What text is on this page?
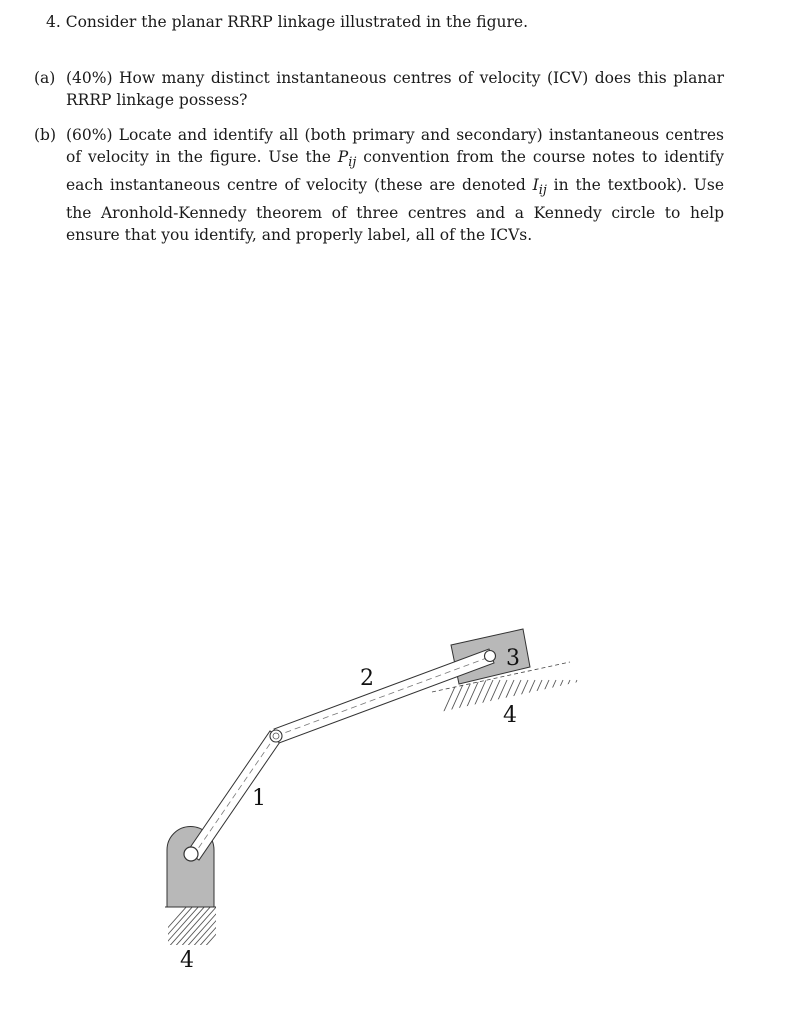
4. Consider the planar RRRP linkage illustrated in the figure.
(a) (40%) How many distinct instantaneous centres of velocity (ICV) does this planar RRRP linkage possess?
(b) (60%) Locate and identify all (both primary and secondary) instantaneous centres of velocity in the figure. Use the $P_{ij}$ convention from the course notes to identify each instantaneous centre of velocity (these are denoted $I_{ij}$ in the textbook). Use the Aronhold-Kennedy theorem of three centres and a Kennedy circle to help ensure that you identify, and properly label, all of the ICVs.
1
2
3
4
4
